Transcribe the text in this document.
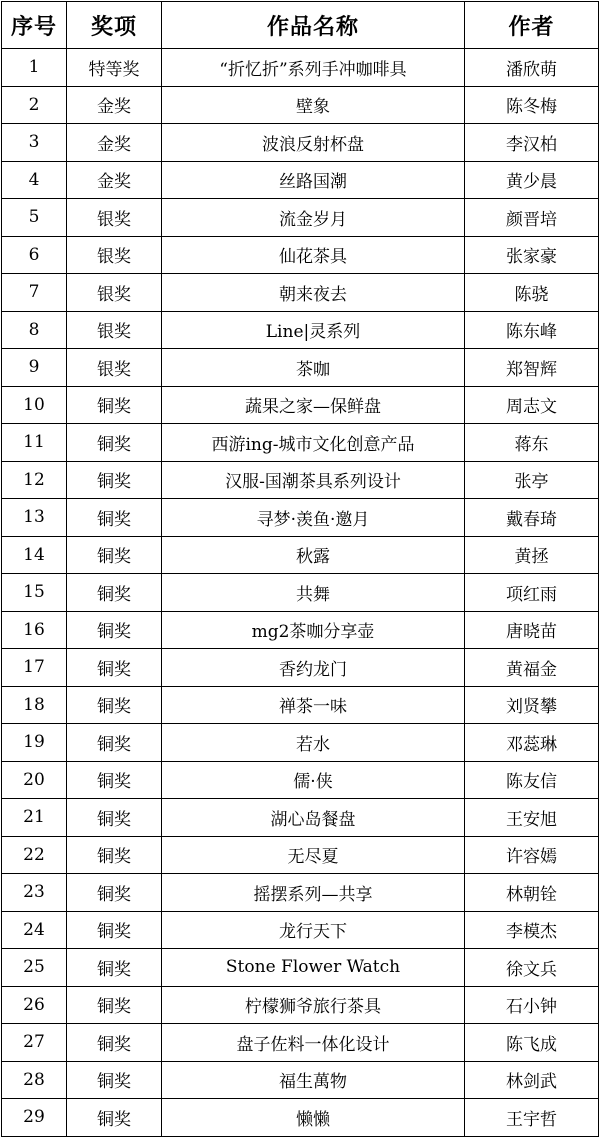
序号	奖项	作品名称	作者
1	特等奖	“折忆折”系列手冲咖啡具	潘欣萌
2	金奖	壁象	陈冬梅
3	金奖	波浪反射杯盘	李汉柏
4	金奖	丝路国潮	黄少晨
5	银奖	流金岁月	颜晋培
6	银奖	仙花茶具	张家豪
7	银奖	朝来夜去	陈骁
8	银奖	Line|灵系列	陈东峰
9	银奖	茶咖	郑智辉
10	铜奖	蔬果之家—保鲜盘	周志文
11	铜奖	西游ing-城市文化创意产品	蒋东
12	铜奖	汉服-国潮茶具系列设计	张亭
13	铜奖	寻梦·羡鱼·邀月	戴春琦
14	铜奖	秋露	黄拯
15	铜奖	共舞	项红雨
16	铜奖	mg2茶咖分享壶	唐晓苗
17	铜奖	香约龙门	黄福金
18	铜奖	禅茶一味	刘贤攀
19	铜奖	若水	邓蕊琳
20	铜奖	儒·侠	陈友信
21	铜奖	湖心岛餐盘	王安旭
22	铜奖	无尽夏	许容嫣
23	铜奖	摇摆系列—共享	林朝铨
24	铜奖	龙行天下	李模杰
25	铜奖	Stone Flower Watch	徐文兵
26	铜奖	柠檬狮爷旅行茶具	石小钟
27	铜奖	盘子佐料一体化设计	陈飞成
28	铜奖	福生萬物	林剑武
29	铜奖	懒懒	王宇哲
